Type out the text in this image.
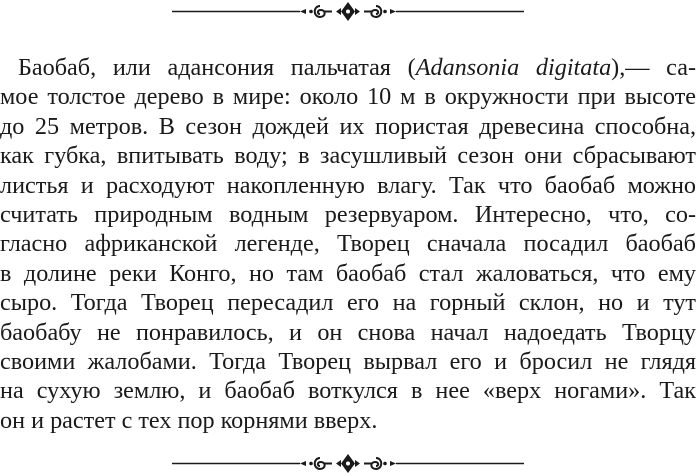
Баобаб, или адансония пальчатая (Adansonia digitata),— са-
мое толстое дерево в мире: около 10 м в окружности при высоте
до 25 метров. В сезон дождей их пористая древесина способна,
как губка, впитывать воду; в засушливый сезон они сбрасывают
листья и расходуют накопленную влагу. Так что баобаб можно
считать природным водным резервуаром. Интересно, что, со-
гласно африканской легенде, Творец сначала посадил баобаб
в долине реки Конго, но там баобаб стал жаловаться, что ему
сыро. Тогда Творец пересадил его на горный склон, но и тут
баобабу не понравилось, и он снова начал надоедать Творцу
своими жалобами. Тогда Творец вырвал его и бросил не глядя
на сухую землю, и баобаб воткулся в нее «верх ногами». Так
он и растет с тех пор корнями вверх.
